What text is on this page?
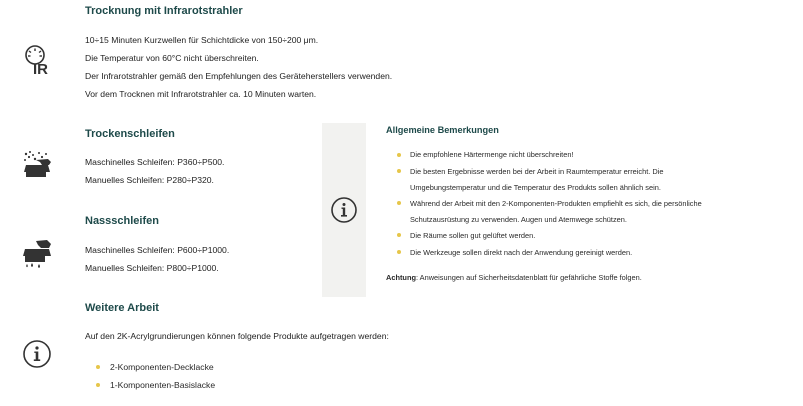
IR
Trocknung mit Infrarotstrahler
10÷15 Minuten Kurzwellen für Schichtdicke von 150÷200 μm.
Die Temperatur von 60°C nicht überschreiten.
Der Infrarotstrahler gemäß den Empfehlungen des Geräteherstellers verwenden.
Vor dem Trocknen mit Infrarotstrahler ca. 10 Minuten warten.
Trockenschleifen
Maschinelles Schleifen: P360÷P500.
Manuelles Schleifen: P280÷P320.
Nassschleifen
Maschinelles Schleifen: P600÷P1000.
Manuelles Schleifen: P800÷P1000.
Allgemeine Bemerkungen
Die empfohlene Härtermenge nicht überschreiten!
Die besten Ergebnisse werden bei der Arbeit in Raumtemperatur erreicht. Die
Umgebungstemperatur und die Temperatur des Produkts sollen ähnlich sein.
Während der Arbeit mit den 2-Komponenten-Produkten empfiehlt es sich, die persönliche
Schutzausrüstung zu verwenden. Augen und Atemwege schützen.
Die Räume sollen gut gelüftet werden.
Die Werkzeuge sollen direkt nach der Anwendung gereinigt werden.
Achtung: Anweisungen auf Sicherheitsdatenblatt für gefährliche Stoffe folgen.
Weitere Arbeit
Auf den 2K-Acrylgrundierungen können folgende Produkte aufgetragen werden:
2-Komponenten-Decklacke
1-Komponenten-Basislacke
